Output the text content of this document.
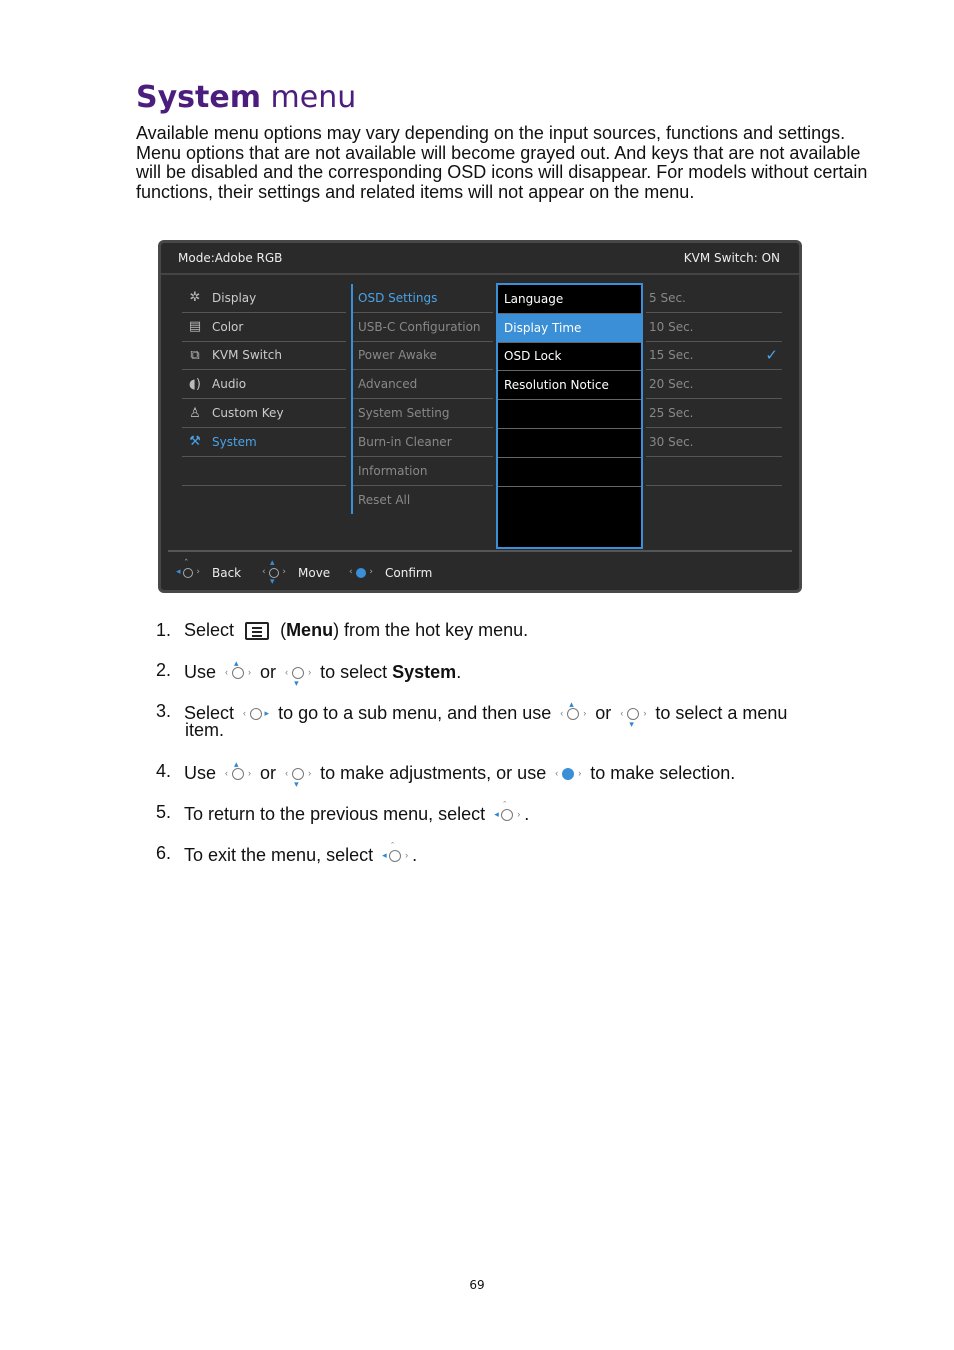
System menu
Available menu options may vary depending on the input sources, functions and settings. Menu options that are not available will become grayed out. And keys that are not available will be disabled and the corresponding OSD icons will disappear. For models without certain functions, their settings and related items will not appear on the menu.
Mode:Adobe RGB	KVM Switch: ON
✲ Display
▤ Color
⧉	KVM Switch
◖) Audio
♙ Custom Key
⚒ System
OSD Settings
USB-C Configuration
Power Awake
Advanced
System Setting
Burn-in Cleaner
Information
Reset All
Language
Display Time
OSD Lock
Resolution Notice
5 Sec.
10 Sec.
15 Sec.	✓
20 Sec.
25 Sec.
30 Sec.
◂ ›
ˆ
Back ‹ ›
▴
▾
Move ‹ › Confirm
1. Select	(Menu) from the hot key menu.
2. Use ▴
‹ › or ‹ ›
▾
to select System.
3. Select ‹ ▸ to go to a sub menu, and then use ▴
‹ › or ‹ ›
▾
to select a menu
item.
4. Use ▴
‹ › or ‹ ›
▾
to make adjustments, or use ‹ › to make selection.
5. To return to the previous menu, select ◂ ›
ˆ .
6. To exit the menu, select ◂ ›
ˆ .
69
